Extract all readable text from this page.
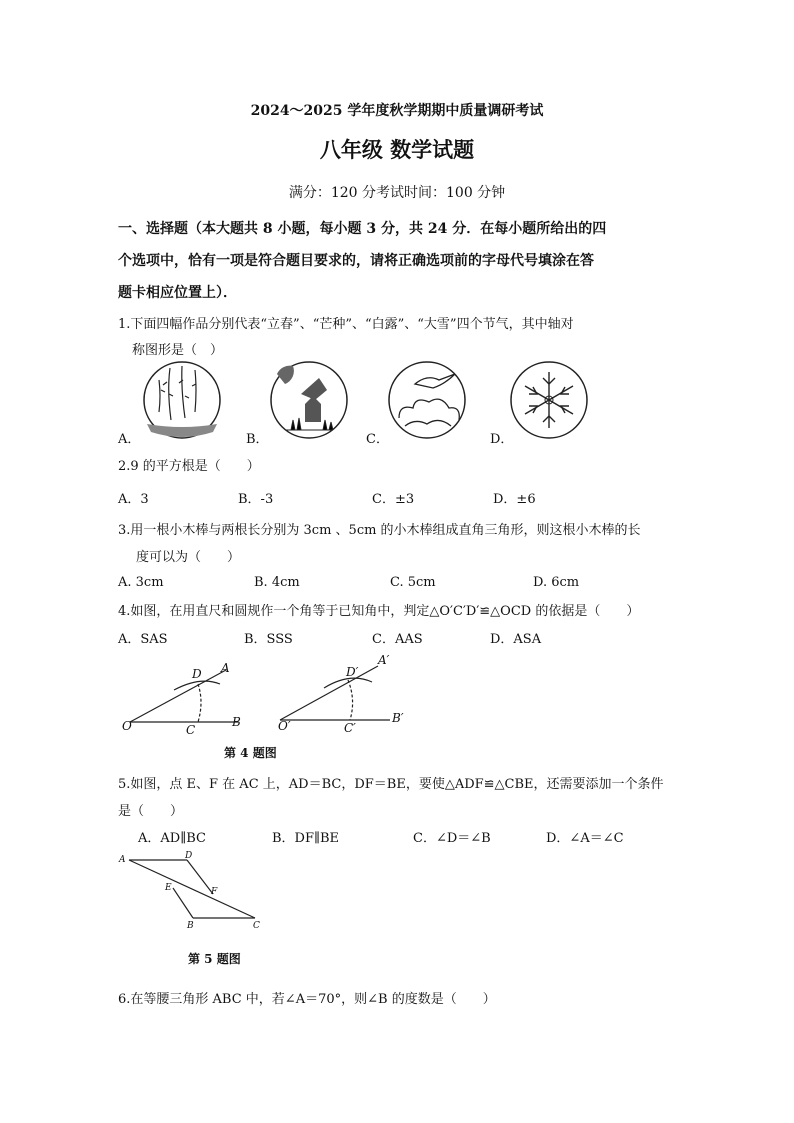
2024～2025 学年度秋学期期中质量调研考试
八年级 数学试题
满分：120 分考试时间：100 分钟
一、选择题（本大题共 8 小题，每小题 3 分，共 24 分．在每小题所给出的四
个选项中，恰有一项是符合题目要求的，请将正确选项前的字母代号填涂在答
题卡相应位置上）．
1.下面四幅作品分别代表“立春”、“芒种”、“白露”、“大雪”四个节气，其中轴对
称图形是（　）
A．	B．	C．	D．
2.9 的平方根是（　　）
A．3	B．-3	C．±3	D．±6
3.用一根小木棒与两根长分别为 3cm 、5cm 的小木棒组成直角三角形，则这根小木棒的长
度可以为（　　）
A. 3cm	B. 4cm	C. 5cm	D. 6cm
4.如图，在用直尺和圆规作一个角等于已知角中，判定△O′C′D′≌△OCD 的依据是（　　）
A．SAS	B．SSS	C．AAS	D．ASA
D A
O	C
B
D′
A′
O′	C′
B′
第 4 题图
5.如图，点 E、F 在 AC 上，AD＝BC，DF＝BE，要使△ADF≌△CBE，还需要添加一个条件
是（　　）
A．AD∥BC	B．DF∥BE	C．∠D＝∠B	D．∠A＝∠C
A	D
E	F
B	C
第 5 题图
6.在等腰三角形 ABC 中，若∠A＝70°，则∠B 的度数是（　　）
